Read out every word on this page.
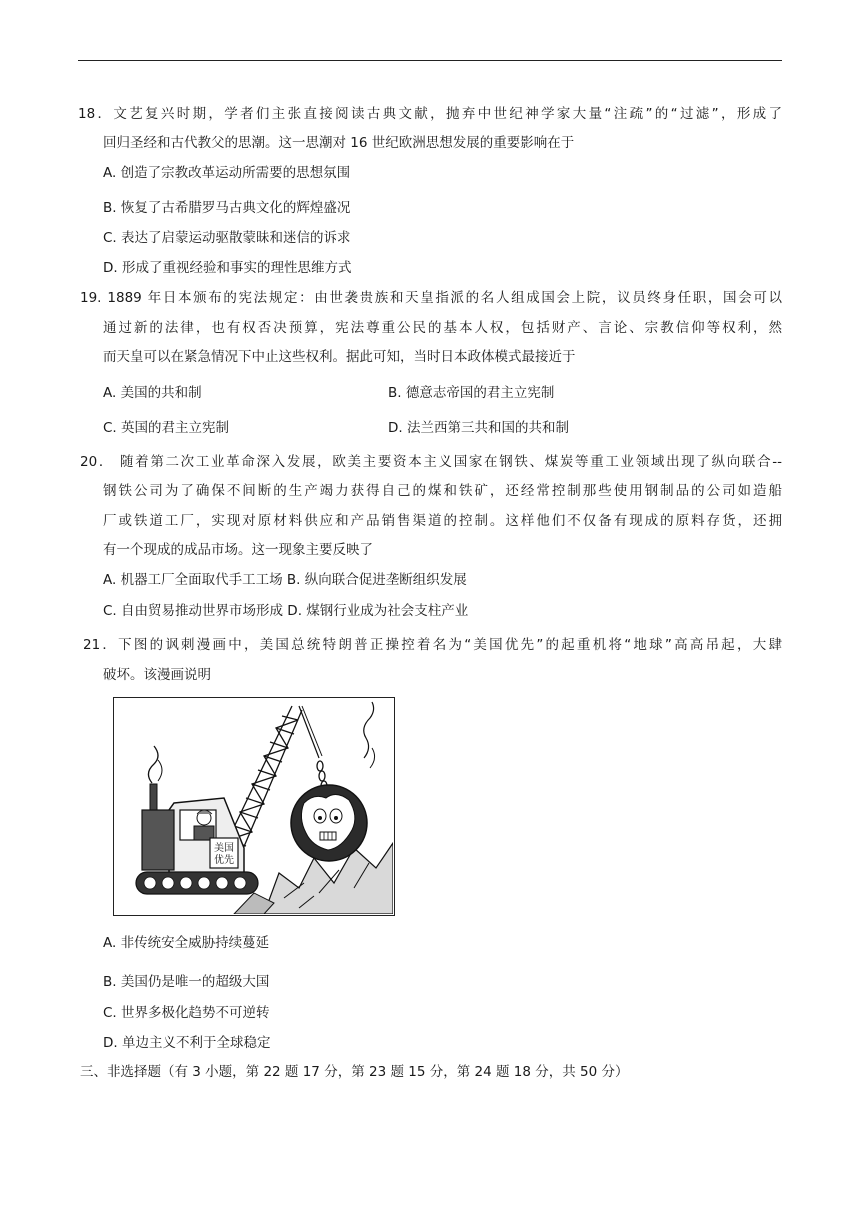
18．文艺复兴时期，学者们主张直接阅读古典文献，抛弃中世纪神学家大量“注疏”的“过滤”，形成了
回归圣经和古代教父的思潮。这一思潮对 16 世纪欧洲思想发展的重要影响在于
A. 创造了宗教改革运动所需要的思想氛围
B. 恢复了古希腊罗马古典文化的辉煌盛况
C. 表达了启蒙运动驱散蒙昧和迷信的诉求
D. 形成了重视经验和事实的理性思维方式
19. 1889 年日本颁布的宪法规定：由世袭贵族和天皇指派的名人组成国会上院，议员终身任职，国会可以
通过新的法律，也有权否决预算，宪法尊重公民的基本人权，包括财产、言论、宗教信仰等权利，然
而天皇可以在紧急情况下中止这些权利。据此可知，当时日本政体模式最接近于
A. 美国的共和制	B. 德意志帝国的君主立宪制
C. 英国的君主立宪制	D. 法兰西第三共和国的共和制
20． 随着第二次工业革命深入发展，欧美主要资本主义国家在钢铁、煤炭等重工业领域出现了纵向联合--
钢铁公司为了确保不间断的生产竭力获得自己的煤和铁矿，还经常控制那些使用钢制品的公司如造船
厂或铁道工厂，实现对原材料供应和产品销售渠道的控制。这样他们不仅备有现成的原料存货，还拥
有一个现成的成品市场。这一现象主要反映了
A. 机器工厂全面取代手工工场 B. 纵向联合促进垄断组织发展
C. 自由贸易推动世界市场形成 D. 煤钢行业成为社会支柱产业
21．下图的讽刺漫画中，美国总统特朗普正操控着名为“美国优先”的起重机将“地球”高高吊起，大肆
破坏。该漫画说明
美国
优先
A. 非传统安全威胁持续蔓延
B. 美国仍是唯一的超级大国
C. 世界多极化趋势不可逆转
D. 单边主义不利于全球稳定
三、非选择题（有 3 小题，第 22 题 17 分，第 23 题 15 分，第 24 题 18 分，共 50 分）
